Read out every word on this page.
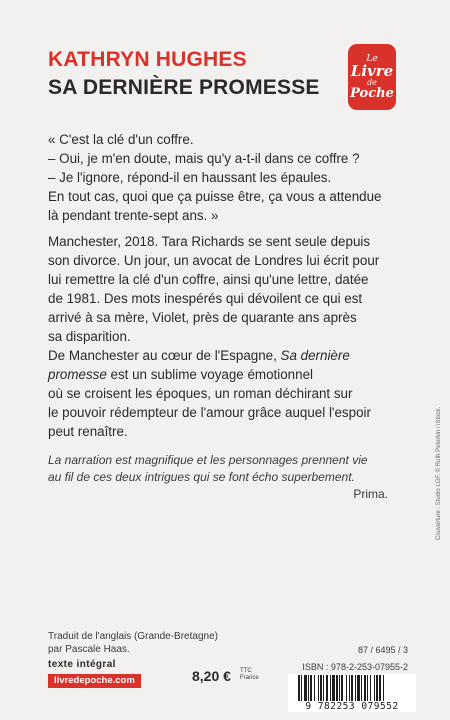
KATHRYN HUGHES
SA DERNIÈRE PROMESSE
Le
Livre
de
Poche
« C'est la clé d'un coffre.
– Oui, je m'en doute, mais qu'y a-t-il dans ce coffre ?
– Je l'ignore, répond-il en haussant les épaules.
En tout cas, quoi que ça puisse être, ça vous a attendue
là pendant trente-sept ans. »
Manchester, 2018. Tara Richards se sent seule depuis
son divorce. Un jour, un avocat de Londres lui écrit pour
lui remettre la clé d'un coffre, ainsi qu'une lettre, datée
de 1981. Des mots inespérés qui dévoilent ce qui est
arrivé à sa mère, Violet, près de quarante ans après
sa disparition.
De Manchester au cœur de l'Espagne, Sa dernière
promesse est un sublime voyage émotionnel
où se croisent les époques, un roman déchirant sur
le pouvoir rédempteur de l'amour grâce auquel l'espoir
peut renaître.
La narration est magnifique et les personnages prennent vie
au fil de ces deux intrigues qui se font écho superbement.
Prima.
Traduit de l'anglais (Grande-Bretagne)
par Pascale Haas.
texte intégral
livredepoche.com	8,20 € TTC
France
87 / 6495 / 3
ISBN : 978-2-253-07955-2
9 782253 079552
Couverture : Studio LGF. © Ruth Peterkin / iStock.
